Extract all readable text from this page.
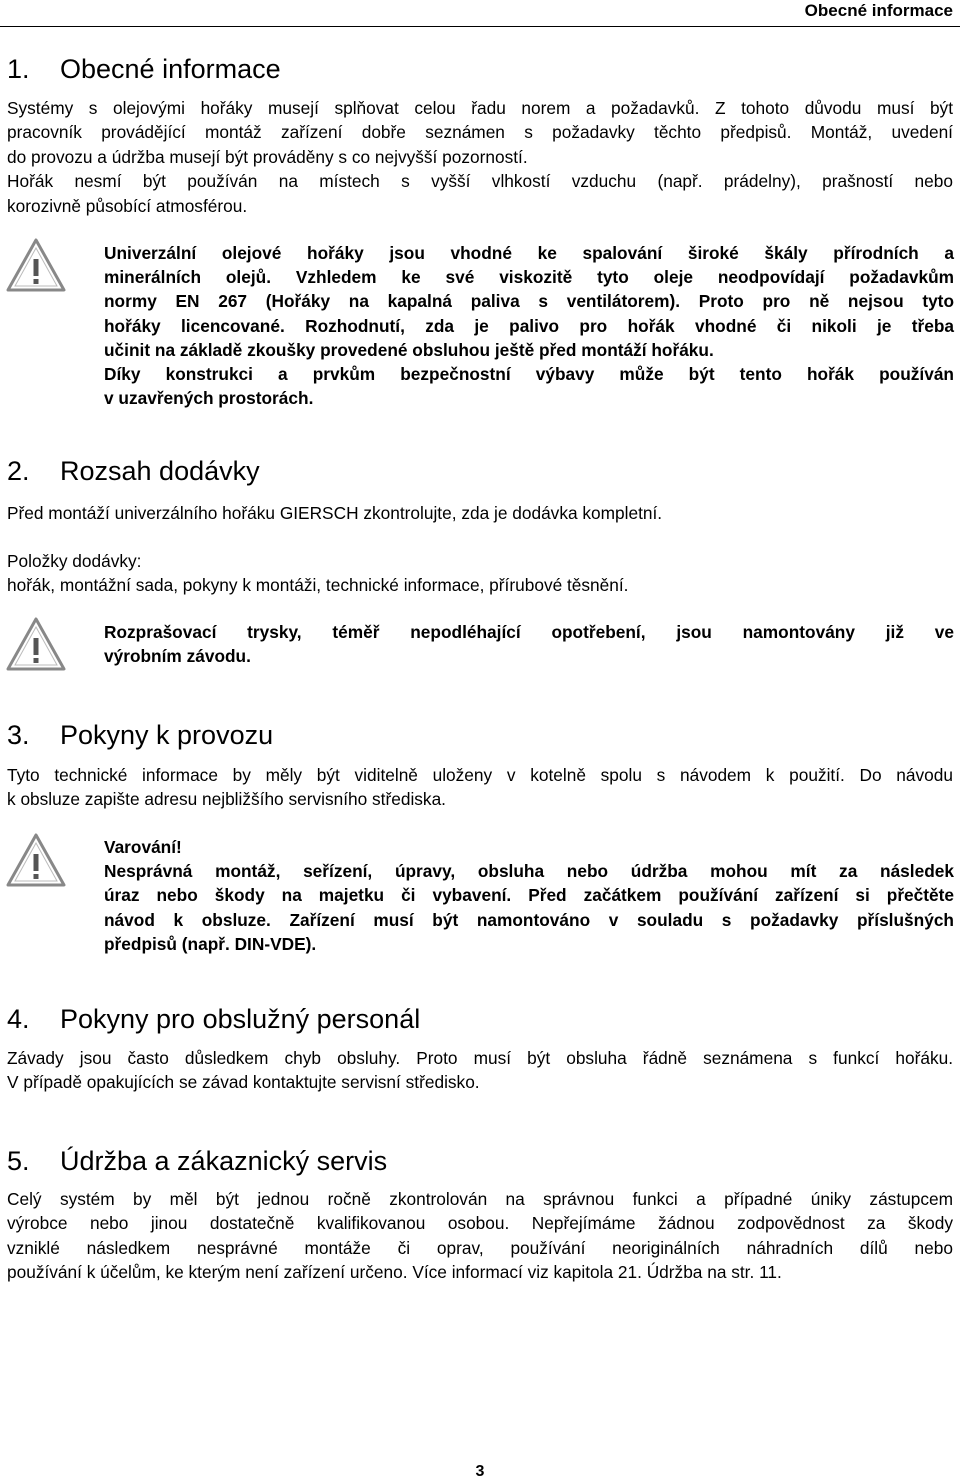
Obecné informace
1. Obecné informace
Systémy s olejovými hořáky musejí splňovat celou řadu norem a požadavků. Z tohoto důvodu musí být
pracovník provádějící montáž zařízení dobře seznámen s požadavky těchto předpisů. Montáž, uvedení
do provozu a údržba musejí být prováděny s co nejvyšší pozorností.
Hořák nesmí být používán na místech s vyšší vlhkostí vzduchu (např. prádelny), prašností nebo
korozivně působící atmosférou.
Univerzální olejové hořáky jsou vhodné ke spalování široké škály přírodních a
minerálních olejů. Vzhledem ke své viskozitě tyto oleje neodpovídají požadavkům
normy EN 267 (Hořáky na kapalná paliva s ventilátorem). Proto pro ně nejsou tyto
hořáky licencované. Rozhodnutí, zda je palivo pro hořák vhodné či nikoli je třeba
učinit na základě zkoušky provedené obsluhou ještě před montáží hořáku.
Díky konstrukci a prvkům bezpečnostní výbavy může být tento hořák používán
v uzavřených prostorách.
2. Rozsah dodávky
Před montáží univerzálního hořáku GIERSCH zkontrolujte, zda je dodávka kompletní.
Položky dodávky:
hořák, montážní sada, pokyny k montáži, technické informace, přírubové těsnění.
Rozprašovací trysky, téměř nepodléhající opotřebení, jsou namontovány již ve
výrobním závodu.
3. Pokyny k provozu
Tyto technické informace by měly být viditelně uloženy v kotelně spolu s návodem k použití. Do návodu
k obsluze zapište adresu nejbližšího servisního střediska.
Varování!
Nesprávná montáž, seřízení, úpravy, obsluha nebo údržba mohou mít za následek
úraz nebo škody na majetku či vybavení. Před začátkem používání zařízení si přečtěte
návod k obsluze. Zařízení musí být namontováno v souladu s požadavky příslušných
předpisů (např. DIN-VDE).
4. Pokyny pro obslužný personál
Závady jsou často důsledkem chyb obsluhy. Proto musí být obsluha řádně seznámena s funkcí hořáku.
V případě opakujících se závad kontaktujte servisní středisko.
5. Údržba a zákaznický servis
Celý systém by měl být jednou ročně zkontrolován na správnou funkci a případné úniky zástupcem
výrobce nebo jinou dostatečně kvalifikovanou osobou. Nepřejímáme žádnou zodpovědnost za škody
vzniklé následkem nesprávné montáže či oprav, používání neoriginálních náhradních dílů nebo
používání k účelům, ke kterým není zařízení určeno. Více informací viz kapitola 21. Údržba na str. 11.
3
